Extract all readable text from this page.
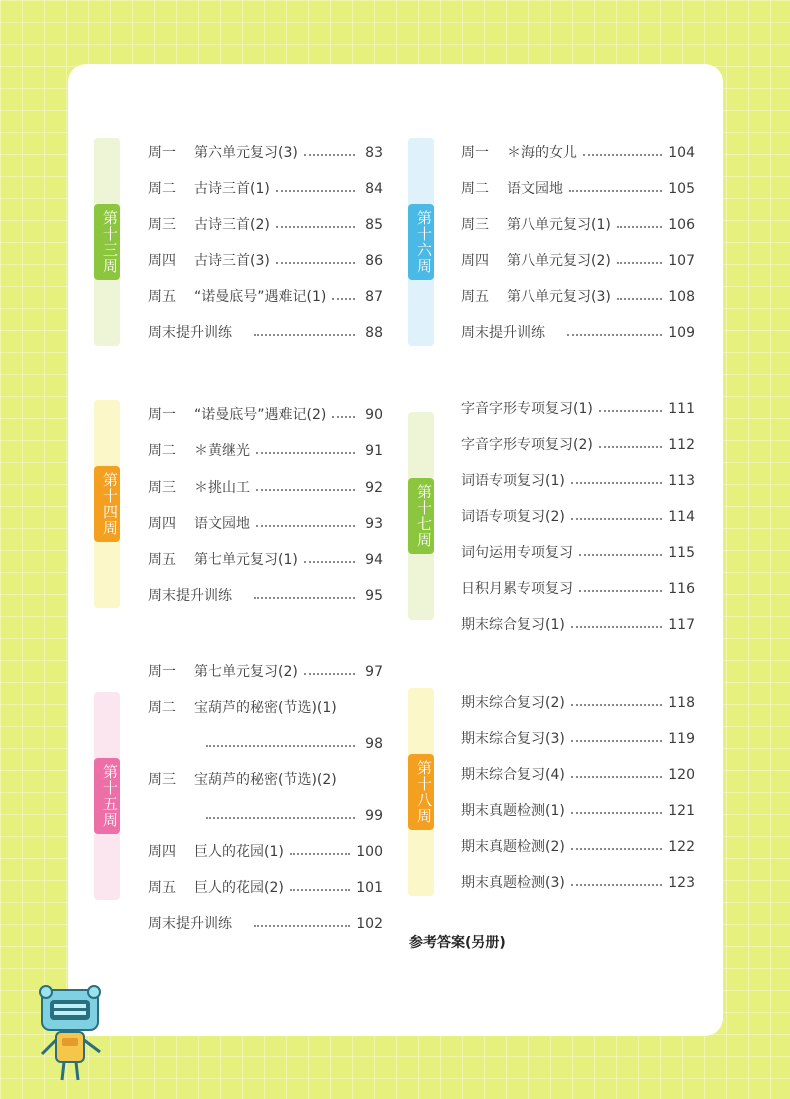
第十三周
第十四周
第十五周
第十六周
第十七周
第十八周
周一	第六单元复习(3)	83
周二	古诗三首(1)	84
周三	古诗三首(2)	85
周四	古诗三首(3)	86
周五	“诺曼底号”遇难记(1)	87
周末提升训练	88
周一	“诺曼底号”遇难记(2)	90
周二	＊黄继光	91
周三	＊挑山工	92
周四	语文园地	93
周五	第七单元复习(1)	94
周末提升训练	95
周一	第七单元复习(2)	97
周二	宝葫芦的秘密(节选)(1)
98
周三	宝葫芦的秘密(节选)(2)
99
周四	巨人的花园(1)	100
周五	巨人的花园(2)	101
周末提升训练	102
周一	＊海的女儿	104
周二	语文园地	105
周三	第八单元复习(1)	106
周四	第八单元复习(2)	107
周五	第八单元复习(3)	108
周末提升训练	109
字音字形专项复习(1)	111
字音字形专项复习(2)	112
词语专项复习(1)	113
词语专项复习(2)	114
词句运用专项复习	115
日积月累专项复习	116
期末综合复习(1)	117
期末综合复习(2)	118
期末综合复习(3)	119
期末综合复习(4)	120
期末真题检测(1)	121
期末真题检测(2)	122
期末真题检测(3)	123
参考答案(另册)
